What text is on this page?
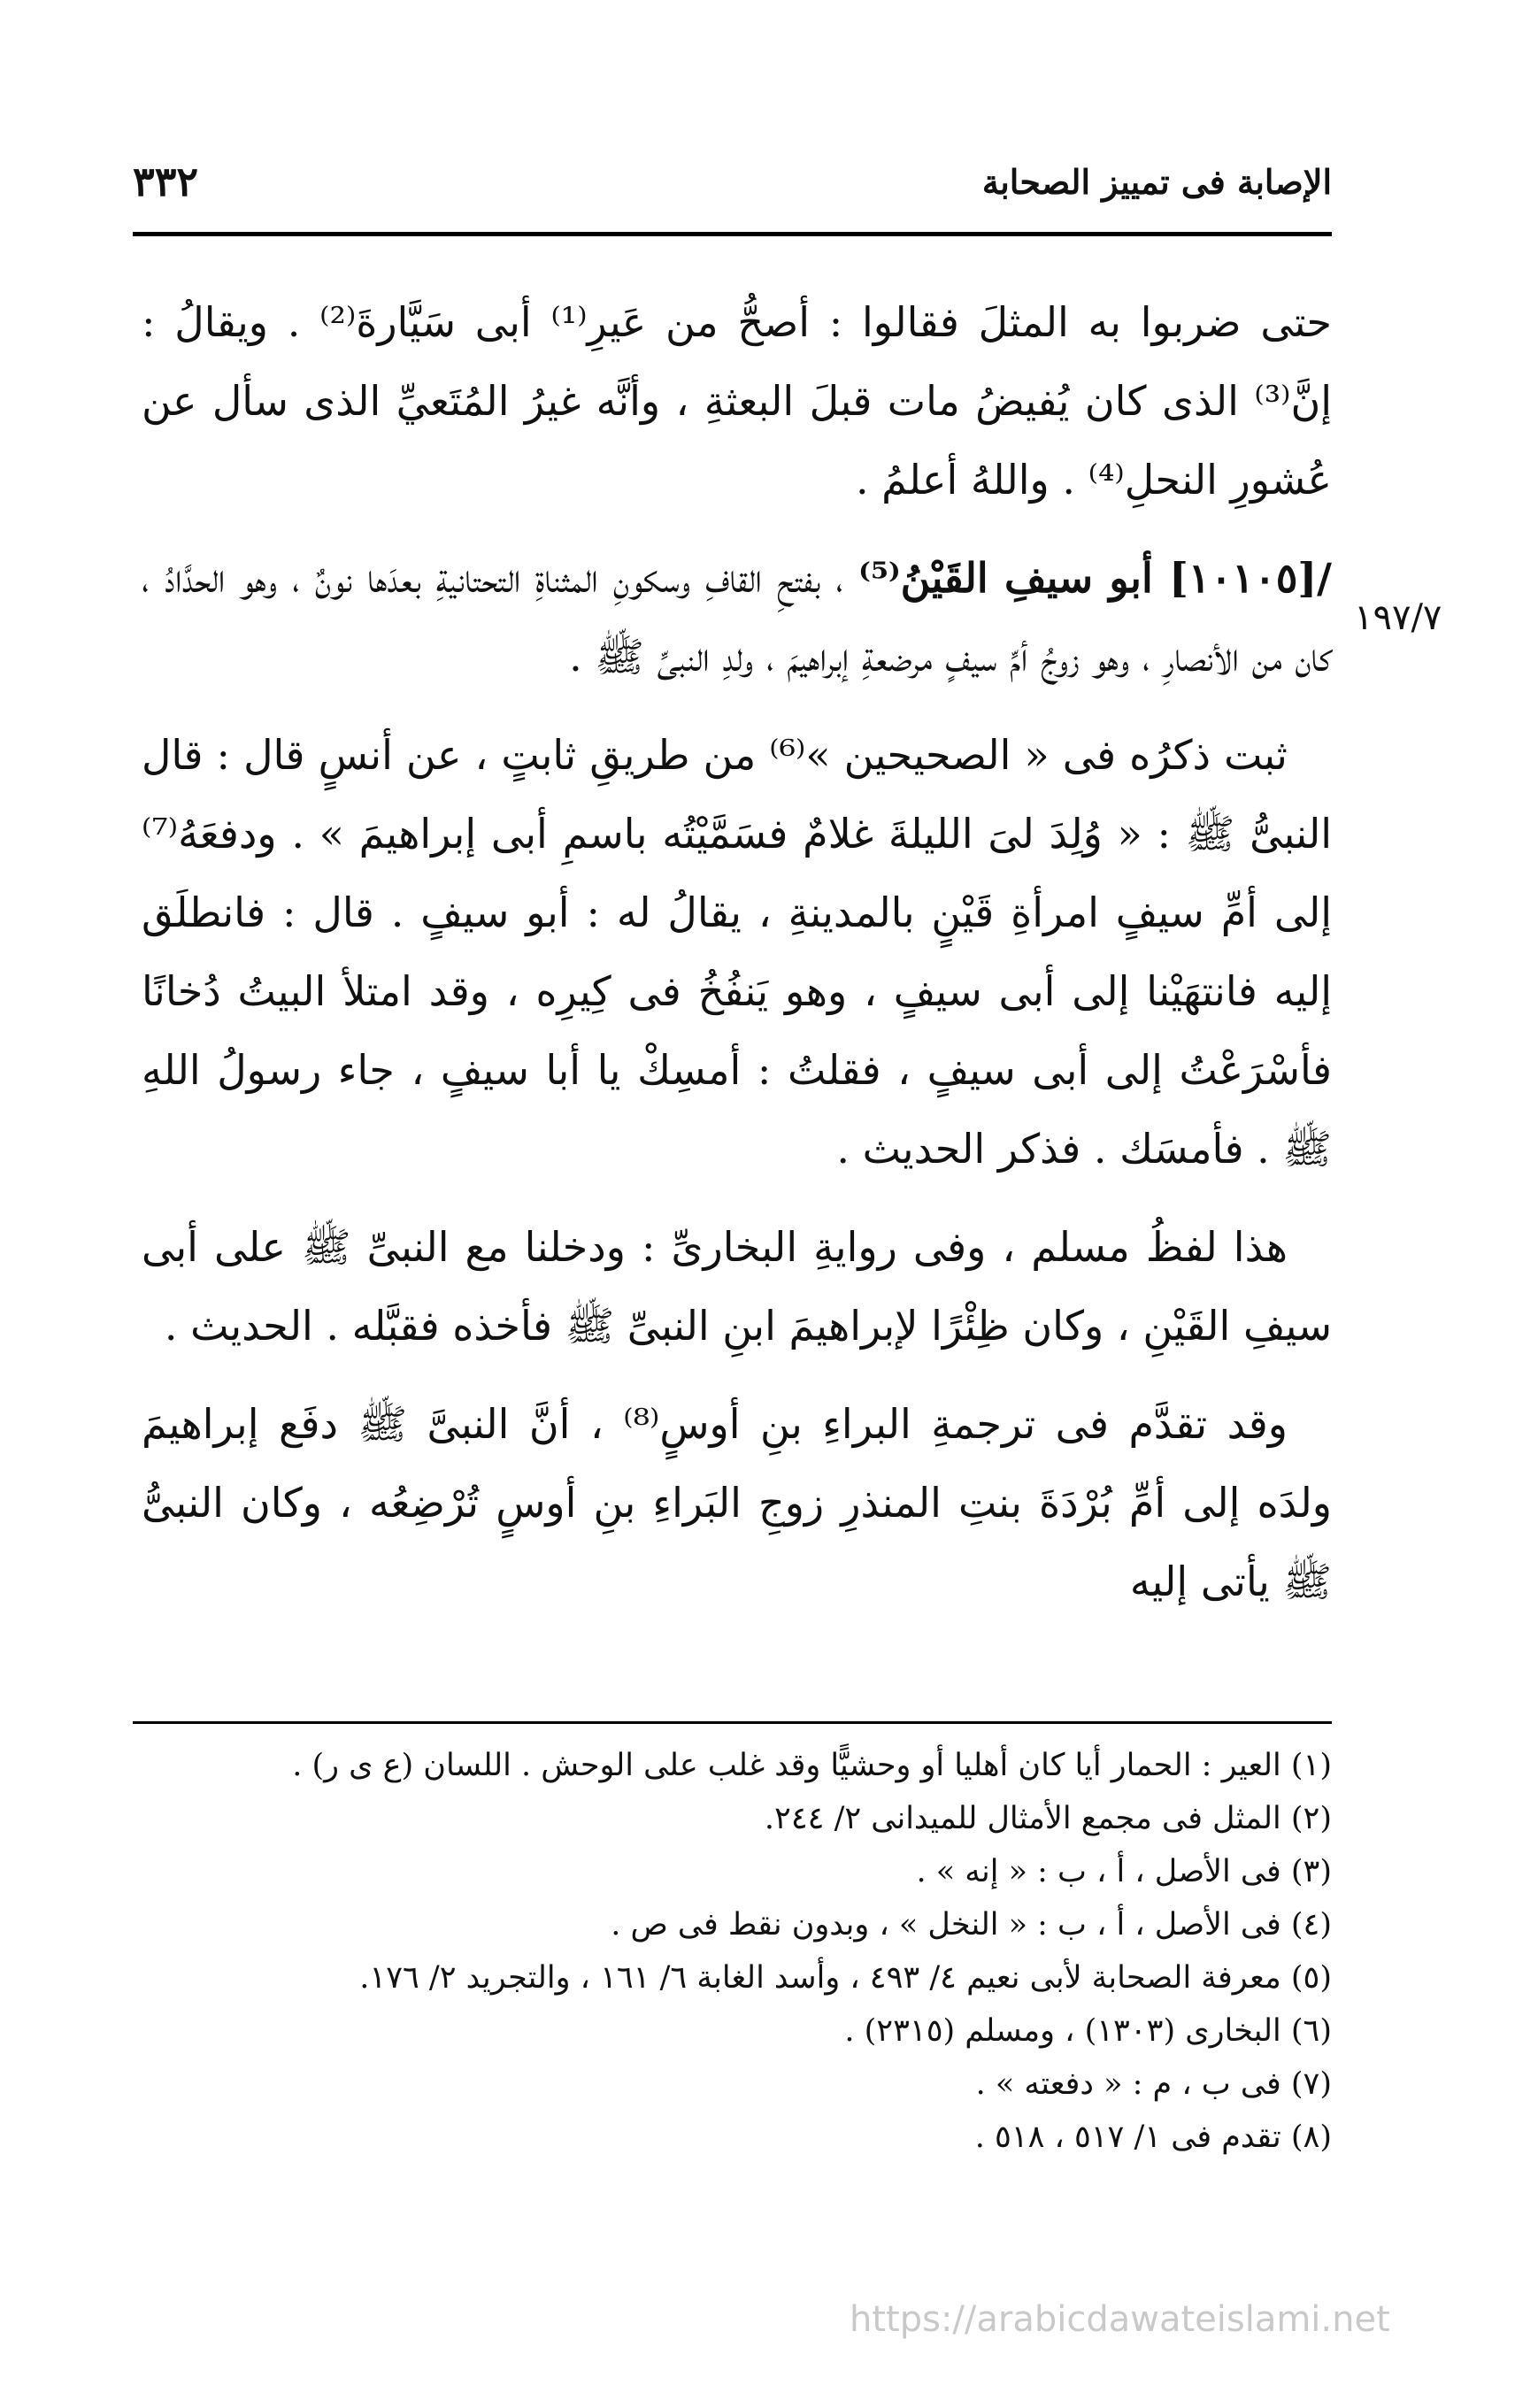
٣٣٢	الإصابة فى تمييز الصحابة
١٩٧/٧

حتى ضربوا به المثلَ فقالوا : أصحُّ من عَيرِ⁽¹⁾ أبى سَيَّارةَ⁽²⁾ . ويقالُ : إنَّ⁽³⁾ الذى كان يُفيضُ مات قبلَ البعثةِ ، وأنَّه غيرُ المُتَعيِّ الذى سأل عن عُشورِ النحلِ⁽⁴⁾ . واللهُ أعلمُ .

/[١٠١٠٥] أبو سيفِ القَيْنُ⁽⁵⁾ ، بفتحِ القافِ وسكونِ المثناةِ التحتانيةِ بعدَها نونٌ ، وهو الحدَّادُ ، كان من الأنصارِ ، وهو زوجُ أمِّ سيفٍ مرضعةِ إبراهيمَ ، ولدِ النبىِّ ﷺ .

ثبت ذكرُه فى « الصحيحين »⁽⁶⁾ من طريقِ ثابتٍ ، عن أنسٍ قال : قال النبىُّ ﷺ : « وُلِدَ لىَ الليلةَ غلامٌ فسَمَّيْتُه باسمِ أبى إبراهيمَ » . ودفعَهُ⁽⁷⁾ إلى أمِّ سيفٍ امرأةِ قَيْنٍ بالمدينةِ ، يقالُ له : أبو سيفٍ . قال : فانطلَق إليه فانتهَيْنا إلى أبى سيفٍ ، وهو يَنفُخُ فى كِيرِه ، وقد امتلأ البيتُ دُخانًا فأسْرَعْتُ إلى أبى سيفٍ ، فقلتُ : أمسِكْ يا أبا سيفٍ ، جاء رسولُ اللهِ ﷺ . فأمسَك . فذكر الحديث .

هذا لفظُ مسلم ، وفى روايةِ البخارىِّ : ودخلنا مع النبىِّ ﷺ على أبى سيفِ القَيْنِ ، وكان ظِئْرًا لإبراهيمَ ابنِ النبىِّ ﷺ فأخذه فقبَّله . الحديث .

وقد تقدَّم فى ترجمةِ البراءِ بنِ أوسٍ⁽⁸⁾ ، أنَّ النبىَّ ﷺ دفَع إبراهيمَ ولدَه إلى أمِّ بُرْدَةَ بنتِ المنذرِ زوجِ البَراءِ بنِ أوسٍ تُرْضِعُه ، وكان النبىُّ ﷺ يأتى إليه

(١) العير : الحمار أيا كان أهليا أو وحشيًّا وقد غلب على الوحش . اللسان (ع ى ر) .

(٢) المثل فى مجمع الأمثال للميدانى ٢/ ٢٤٤.

(٣) فى الأصل ، أ ، ب : « إنه » .

(٤) فى الأصل ، أ ، ب : « النخل » ، وبدون نقط فى ص .

(٥) معرفة الصحابة لأبى نعيم ٤/ ٤٩٣ ، وأسد الغابة ٦/ ١٦١ ، والتجريد ٢/ ١٧٦.

(٦) البخارى (١٣٠٣) ، ومسلم (٢٣١٥) .

(٧) فى ب ، م : « دفعته » .

(٨) تقدم فى ١/ ٥١٧ ، ٥١٨ .

https://arabicdawateislami.net
